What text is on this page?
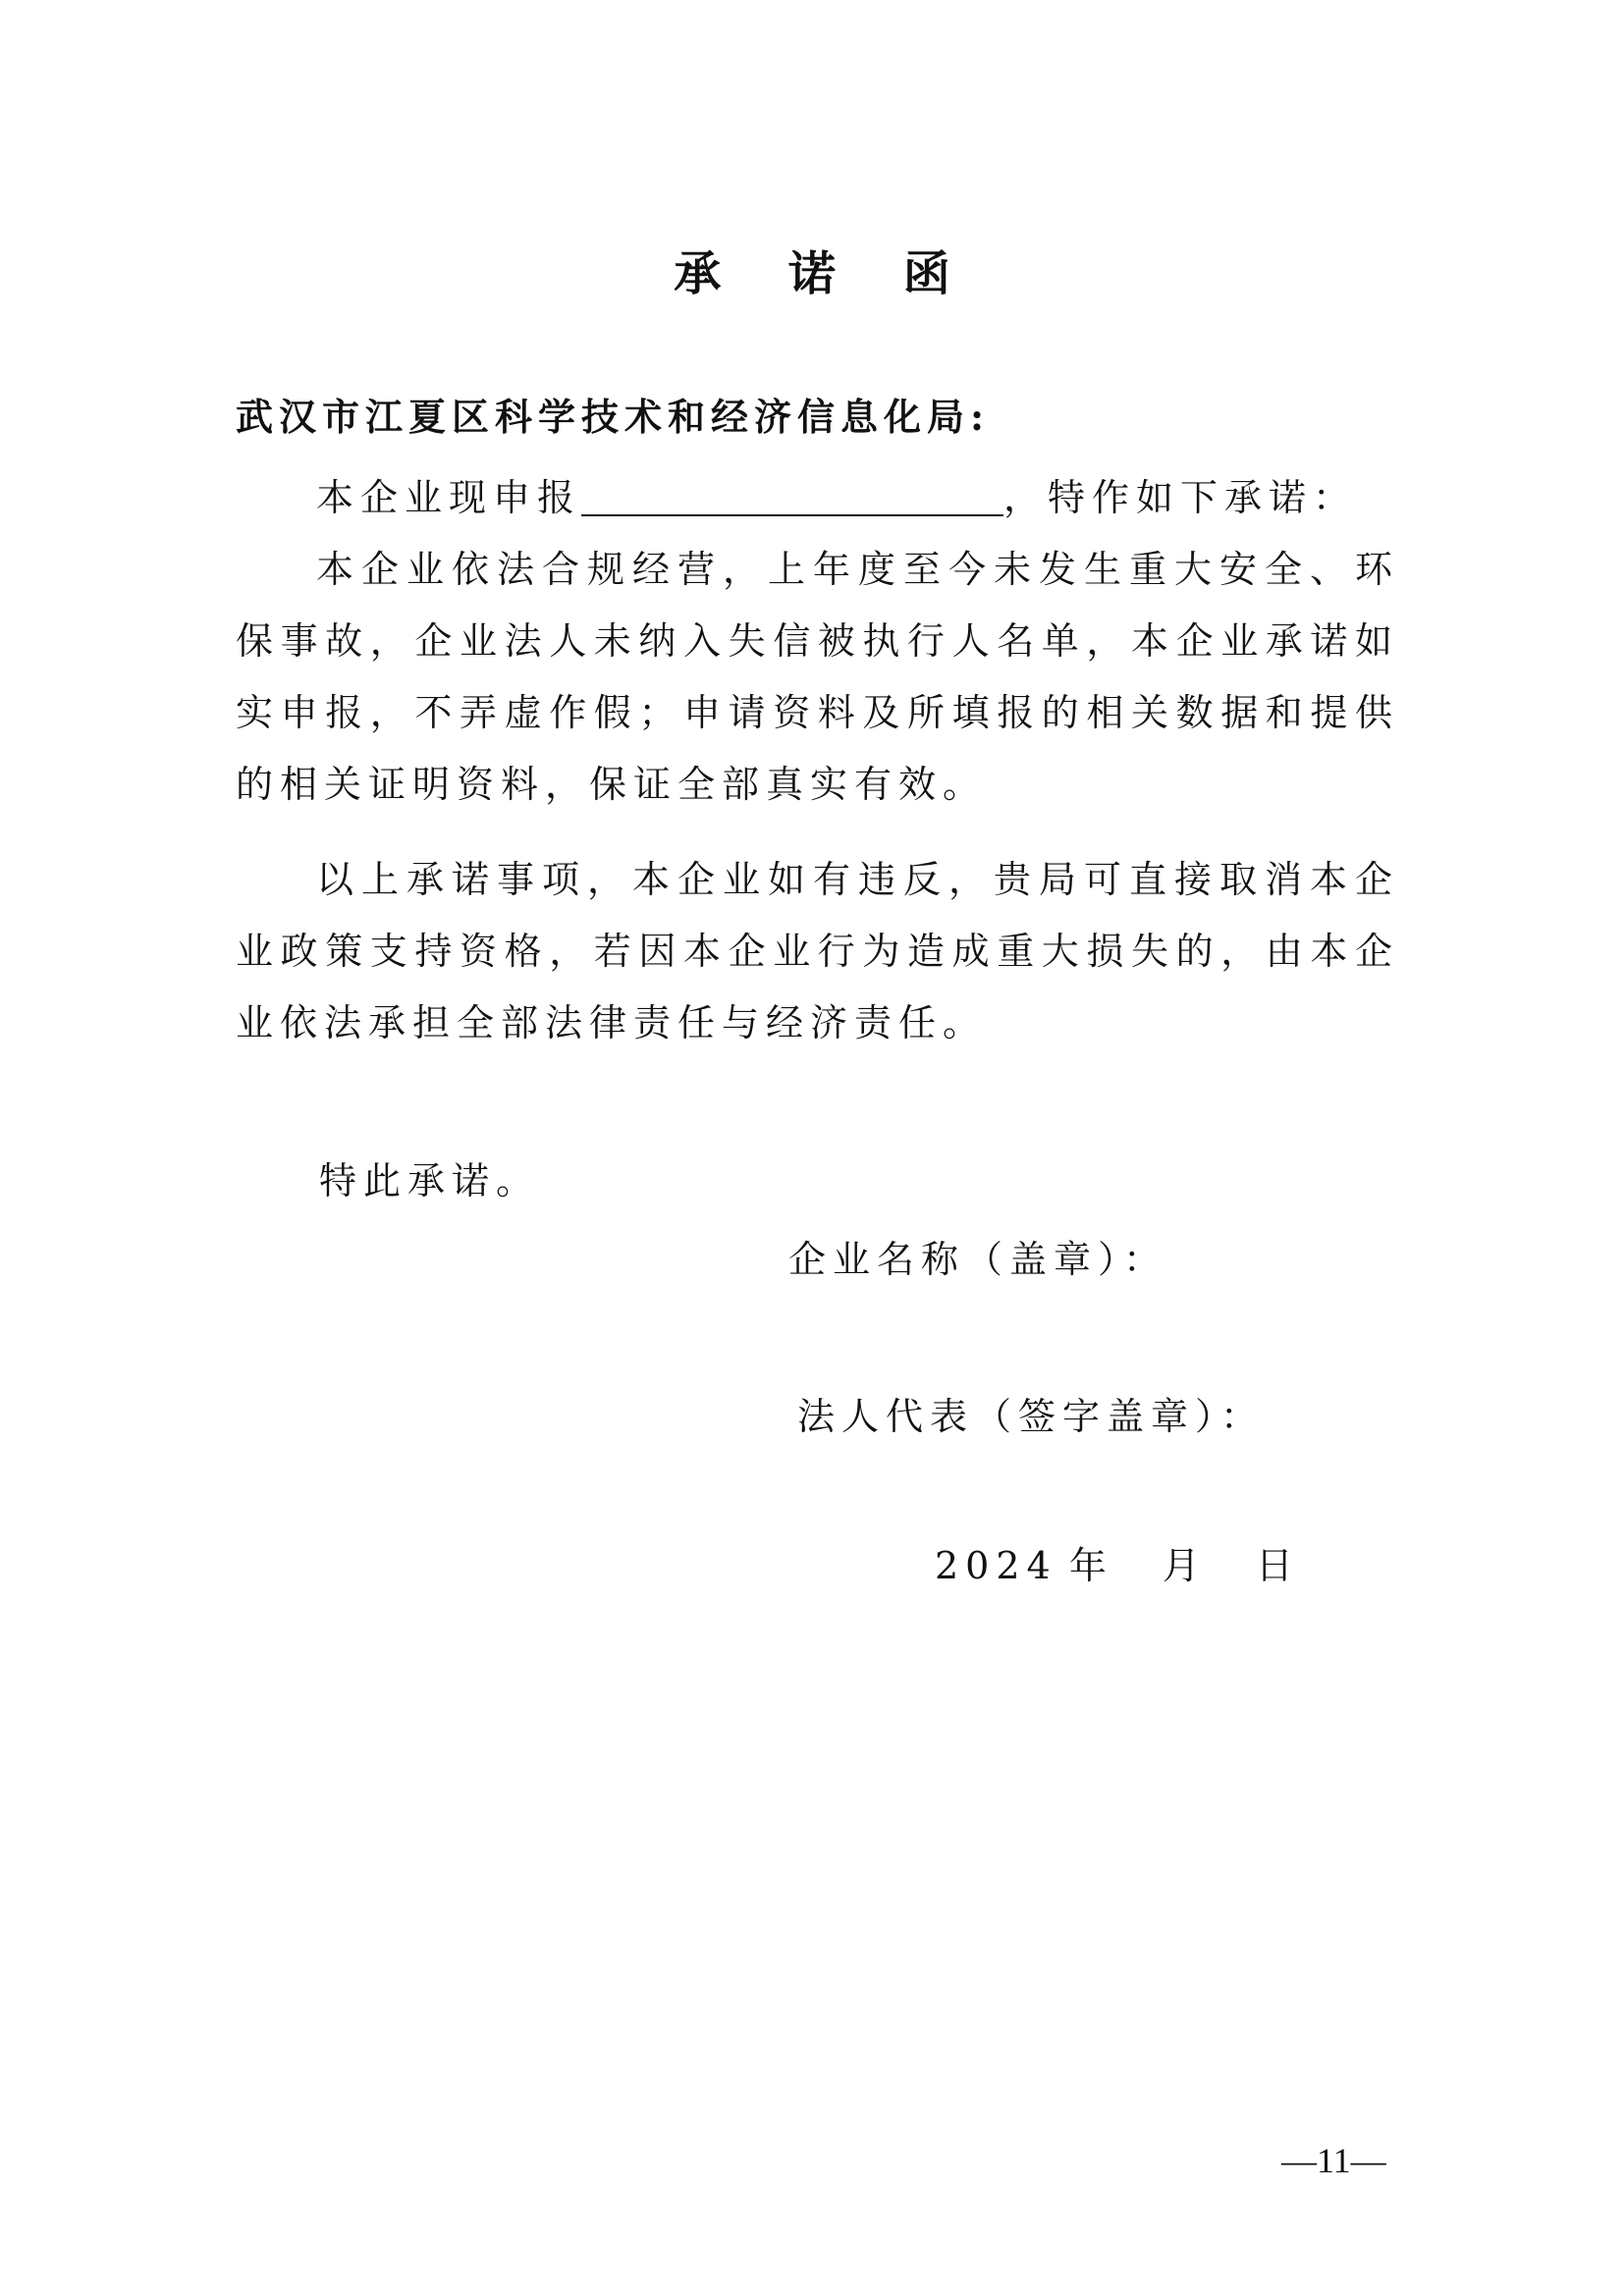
承 诺 函
武汉市江夏区科学技术和经济信息化局:

本企业现申报	，特作如下承诺：

本企业依法合规经营，上年度至今未发生重大安全、环保事故，企业法人未纳入失信被执行人名单，本企业承诺如实申报，不弄虚作假；申请资料及所填报的相关数据和提供的相关证明资料，保证全部真实有效。

以上承诺事项，本企业如有违反，贵局可直接取消本企业政策支持资格，若因本企业行为造成重大损失的，由本企业依法承担全部法律责任与经济责任。

特此承诺。
企业名称（盖章）：
法人代表（签字盖章）：
2024 年 月 日
—11—
